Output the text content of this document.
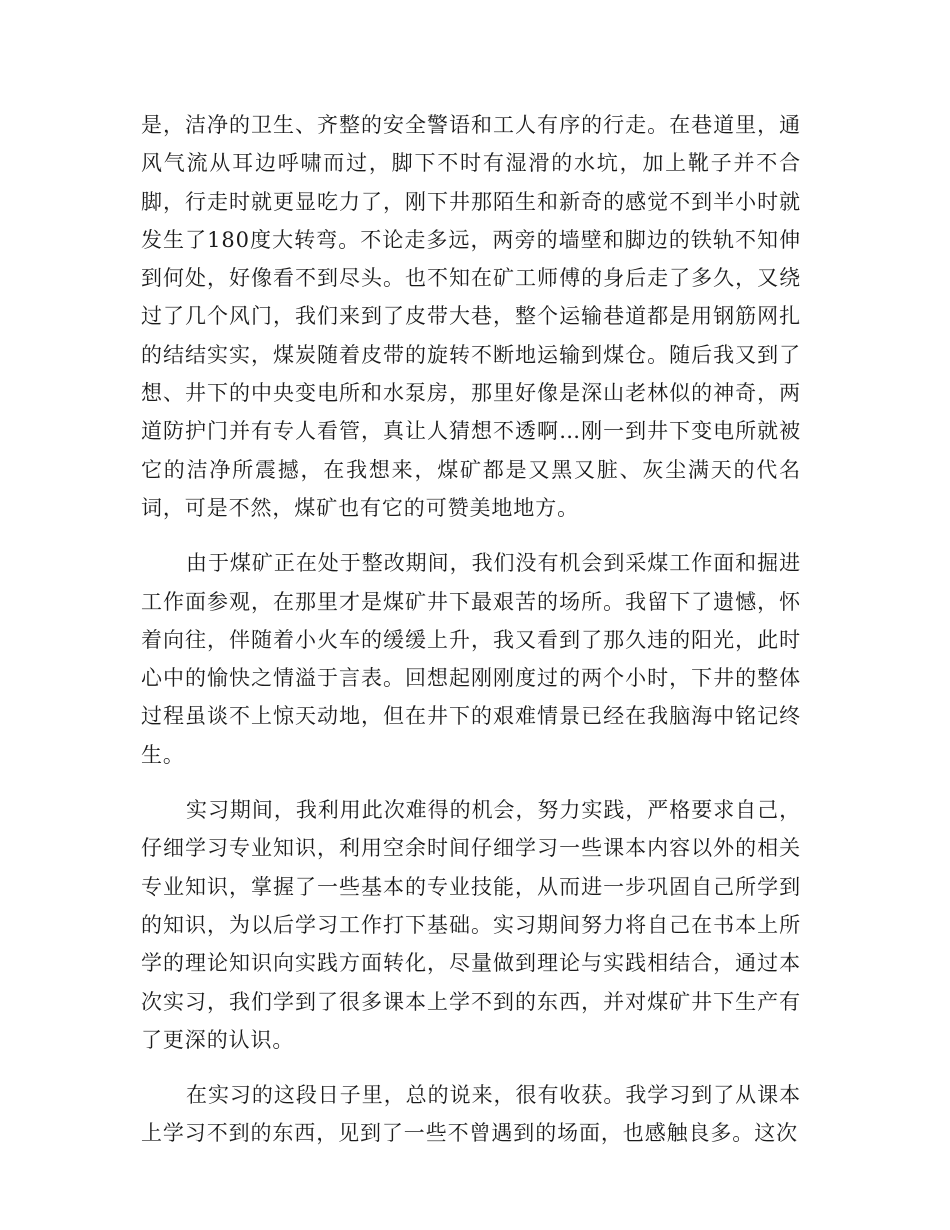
是，洁净的卫生、齐整的安全警语和工人有序的行走。在巷道里，通风气流从耳边呼啸而过，脚下不时有湿滑的水坑，加上靴子并不合脚，行走时就更显吃力了，刚下井那陌生和新奇的感觉不到半小时就发生了180度大转弯。不论走多远，两旁的墙壁和脚边的铁轨不知伸到何处，好像看不到尽头。也不知在矿工师傅的身后走了多久，又绕过了几个风门，我们来到了皮带大巷，整个运输巷道都是用钢筋网扎的结结实实，煤炭随着皮带的旋转不断地运输到煤仓。随后我又到了想、井下的中央变电所和水泵房，那里好像是深山老林似的神奇，两道防护门并有专人看管，真让人猜想不透啊…刚一到井下变电所就被它的洁净所震撼，在我想来，煤矿都是又黑又脏、灰尘满天的代名词，可是不然，煤矿也有它的可赞美地地方。

由于煤矿正在处于整改期间，我们没有机会到采煤工作面和掘进工作面参观，在那里才是煤矿井下最艰苦的场所。我留下了遗憾，怀着向往，伴随着小火车的缓缓上升，我又看到了那久违的阳光，此时心中的愉快之情溢于言表。回想起刚刚度过的两个小时，下井的整体过程虽谈不上惊天动地，但在井下的艰难情景已经在我脑海中铭记终生。

实习期间，我利用此次难得的机会，努力实践，严格要求自己，仔细学习专业知识，利用空余时间仔细学习一些课本内容以外的相关专业知识，掌握了一些基本的专业技能，从而进一步巩固自己所学到的知识，为以后学习工作打下基础。实习期间努力将自己在书本上所学的理论知识向实践方面转化，尽量做到理论与实践相结合，通过本次实习，我们学到了很多课本上学不到的东西，并对煤矿井下生产有了更深的认识。

在实习的这段日子里，总的说来，很有收获。我学习到了从课本上学习不到的东西，见到了一些不曾遇到的场面，也感触良多。这次
